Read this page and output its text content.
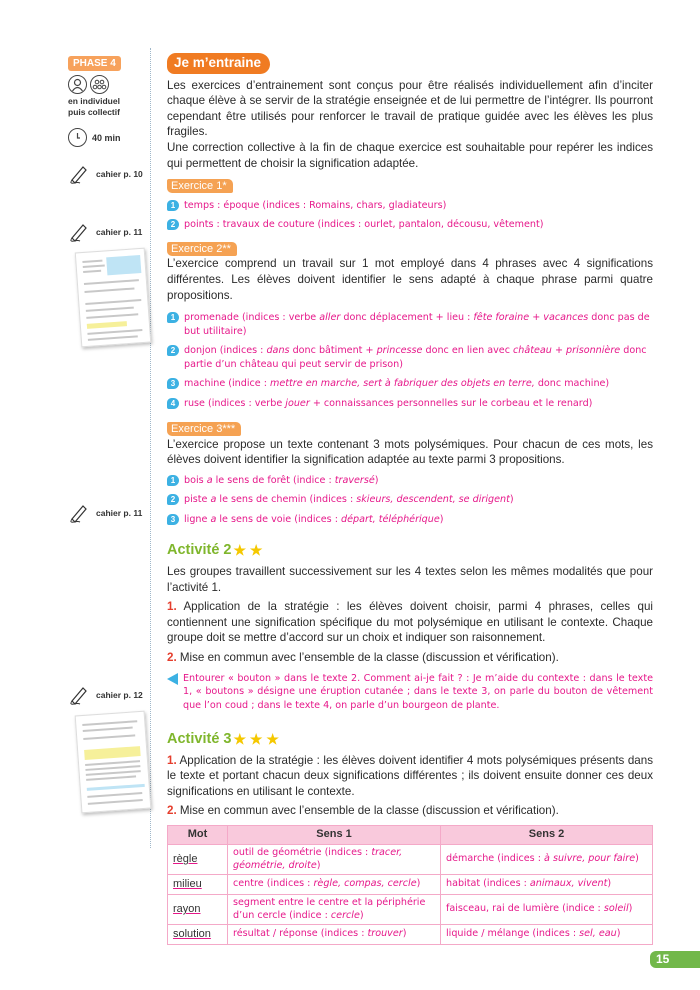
PHASE 4
en individuel
puis collectif
40 min
cahier p. 10
cahier p. 11
cahier p. 11
cahier p. 12
Je m’entraine

Les exercices d’entrainement sont conçus pour être réalisés individuellement afin d’inciter chaque élève à se servir de la stratégie enseignée et de lui permettre de l’intégrer. Ils pourront cependant être utilisés pour renforcer le travail de pratique guidée avec les élèves les plus fragiles.

Une correction collective à la fin de chaque exercice est souhaitable pour repérer les indices qui permettent de choisir la signification adaptée.

Exercice 1*
1 temps : époque (indices : Romains, chars, gladiateurs)
2 points : travaux de couture (indices : ourlet, pantalon, décousu, vêtement)
Exercice 2**

L’exercice comprend un travail sur 1 mot employé dans 4 phrases avec 4 significations différentes. Les élèves doivent identifier le sens adapté à chaque phrase parmi quatre propositions.

1 promenade (indices : verbe aller donc déplacement + lieu : fête foraine + vacances donc pas de but utilitaire)
2 donjon (indices : dans donc bâtiment + princesse donc en lien avec château + prisonnière donc partie d’un château qui peut servir de prison)
3 machine (indice : mettre en marche, sert à fabriquer des objets en terre, donc machine)
4 ruse (indices : verbe jouer + connaissances personnelles sur le corbeau et le renard)
Exercice 3***

L’exercice propose un texte contenant 3 mots polysémiques. Pour chacun de ces mots, les élèves doivent identifier la signification adaptée au texte parmi 3 propositions.

1 bois a le sens de forêt (indice : traversé)
2 piste a le sens de chemin (indices : skieurs, descendent, se dirigent)
3 ligne a le sens de voie (indices : départ, téléphérique)
Activité 2 ★ ★

Les groupes travaillent successivement sur les 4 textes selon les mêmes modalités que pour l’activité 1.

1. Application de la stratégie : les élèves doivent choisir, parmi 4 phrases, celles qui contiennent une signification spécifique du mot polysémique en utilisant le contexte. Chaque groupe doit se mettre d’accord sur un choix et indiquer son raisonnement.

2. Mise en commun avec l’ensemble de la classe (discussion et vérification).

Entourer « bouton » dans le texte 2. Comment ai-je fait ? : Je m’aide du contexte : dans le texte 1, « boutons » désigne une éruption cutanée ; dans le texte 3, on parle du bouton de vêtement que l’on coud ; dans le texte 4, on parle d’un bourgeon de plante.
Activité 3 ★ ★ ★

1. Application de la stratégie : les élèves doivent identifier 4 mots polysémiques présents dans le texte et portant chacun deux significations différentes ; ils doivent ensuite donner ces deux significations en utilisant le contexte.

2. Mise en commun avec l’ensemble de la classe (discussion et vérification).

Mot	Sens 1	Sens 2
règle	outil de géométrie (indices : tracer, géométrie, droite)	démarche (indices : à suivre, pour faire)
milieu	centre (indices : règle, compas, cercle)	habitat (indices : animaux, vivent)
rayon	segment entre le centre et la périphérie d’un cercle (indice : cercle)	faisceau, rai de lumière (indice : soleil)
solution	résultat / réponse (indices : trouver)	liquide / mélange (indices : sel, eau)
15
